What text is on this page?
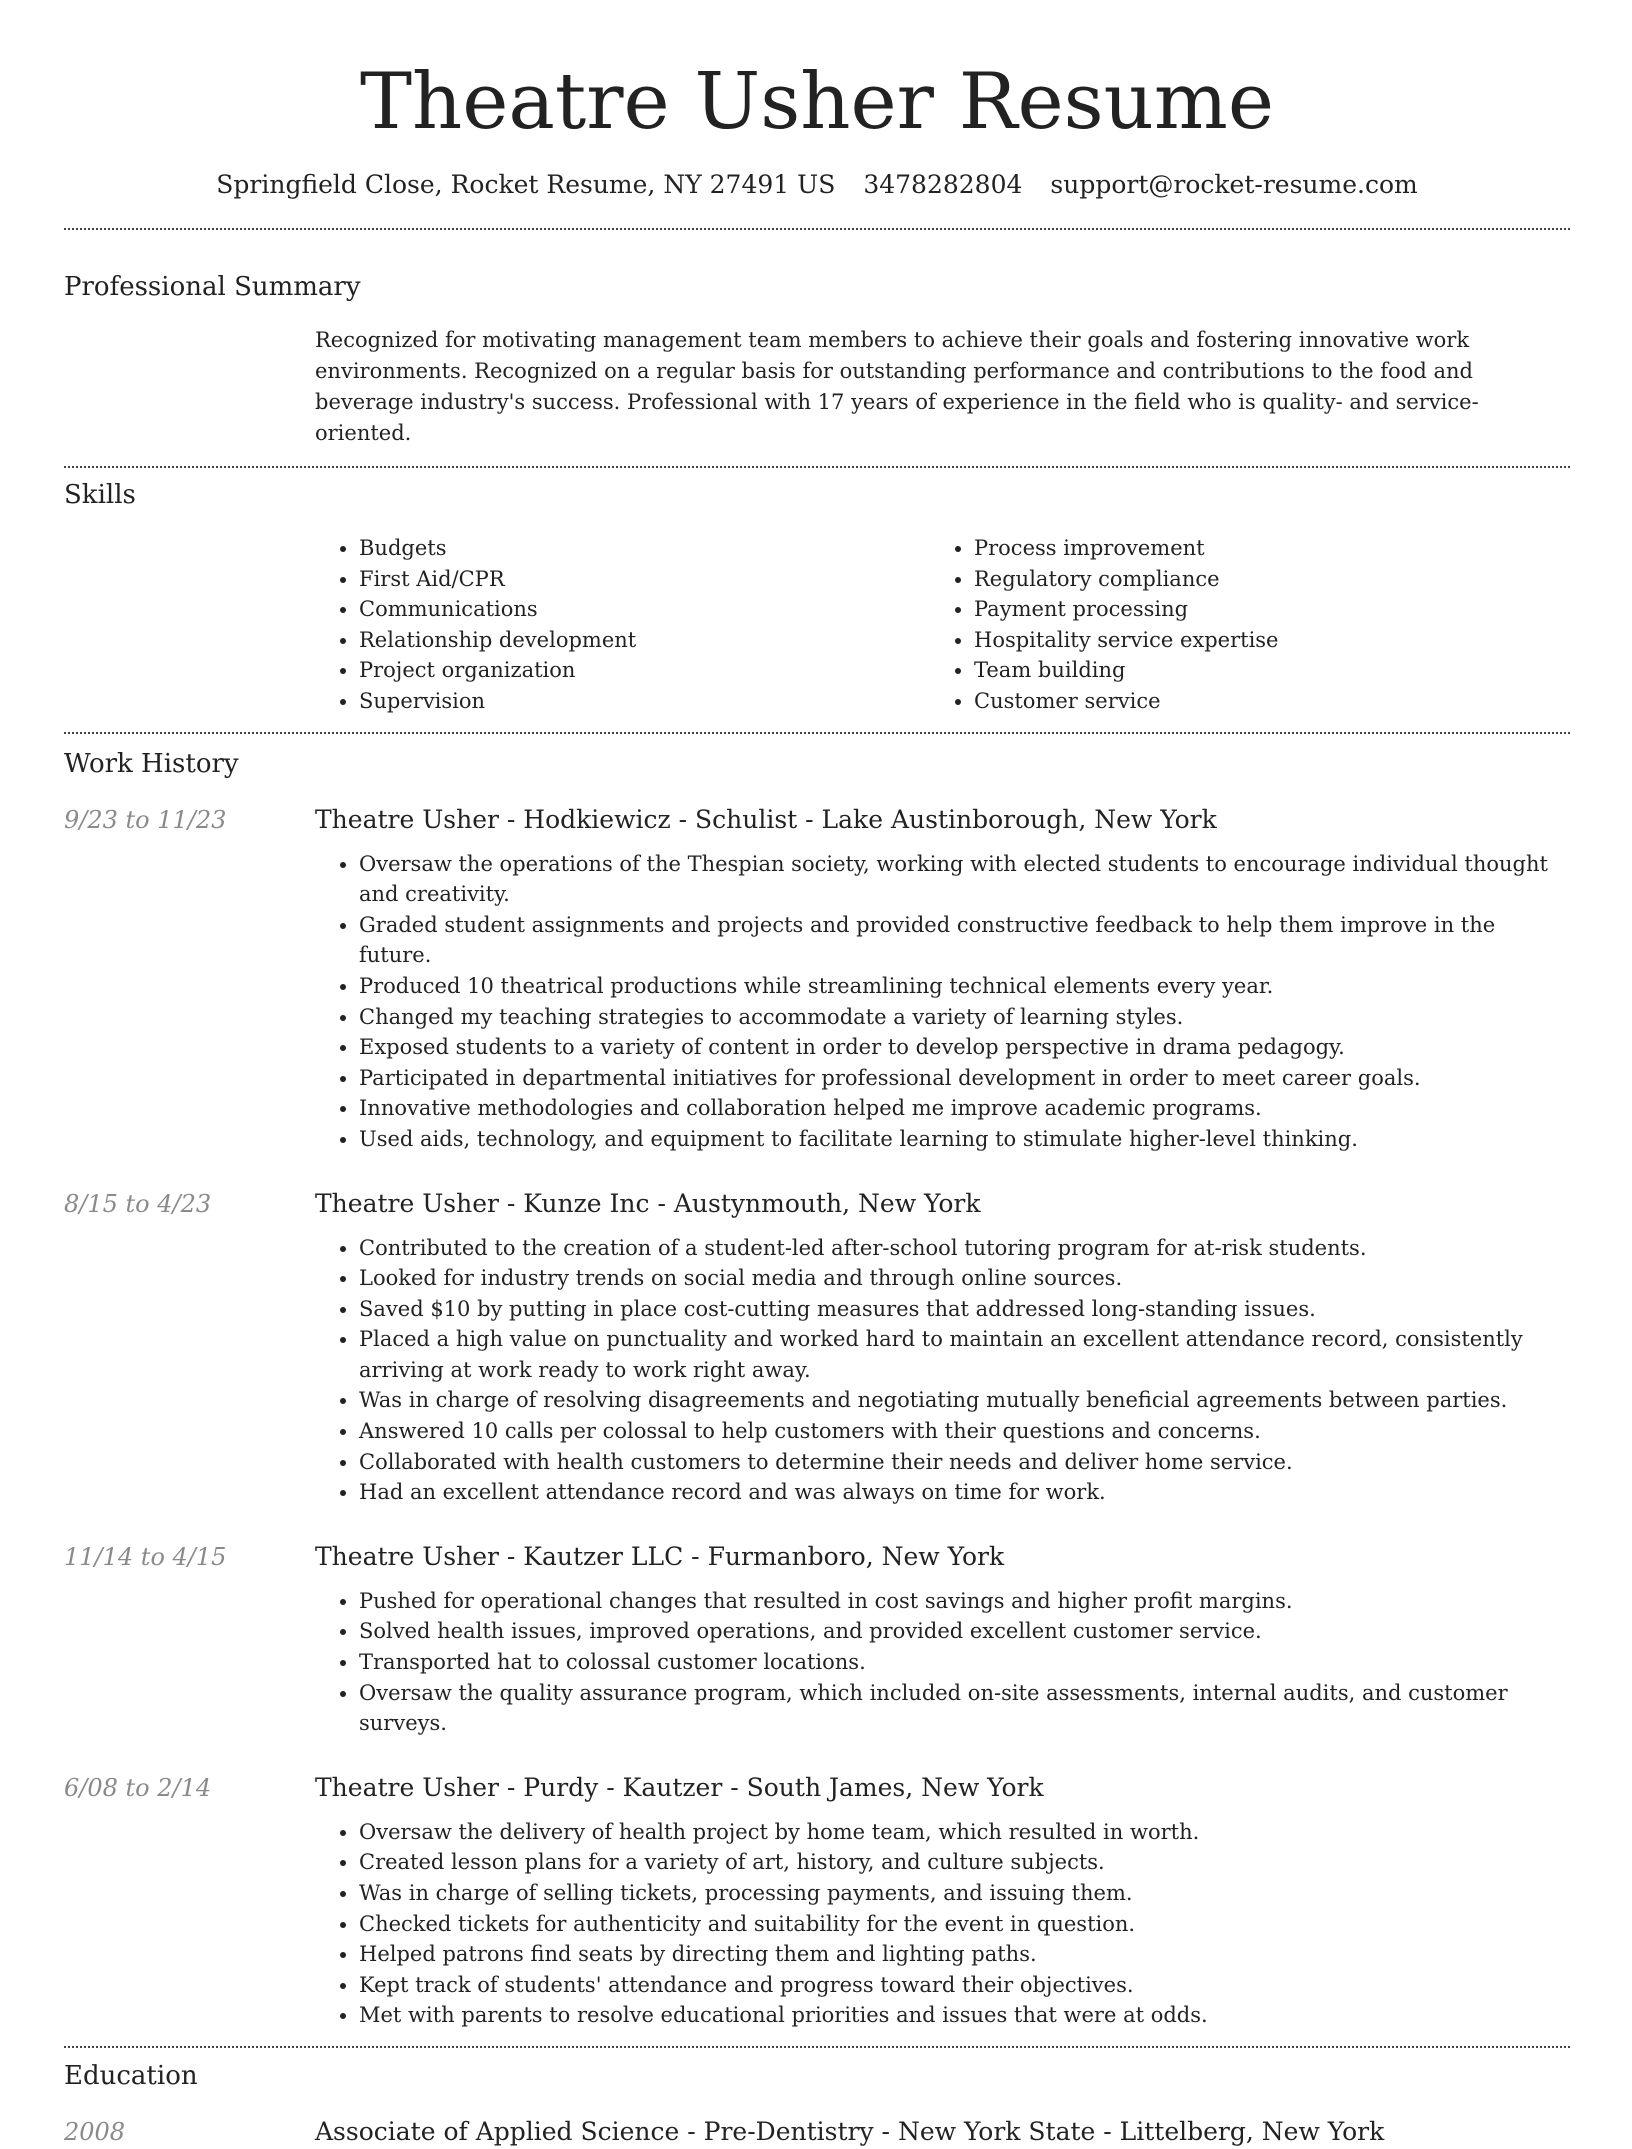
Theatre Usher Resume
Springfield Close, Rocket Resume, NY 27491 US 3478282804 support@rocket-resume.com
Professional Summary

Recognized for motivating management team members to achieve their goals and fostering innovative work environments. Recognized on a regular basis for outstanding performance and contributions to the food and beverage industry's success. Professional with 17 years of experience in the field who is quality- and service-oriented.

Skills
• Budgets
• First Aid/CPR
• Communications
• Relationship development
• Project organization
• Supervision
• Process improvement
• Regulatory compliance
• Payment processing
• Hospitality service expertise
• Team building
• Customer service
Work History
9/23 to 11/23	Theatre Usher - Hodkiewicz - Schulist - Lake Austinborough, New York
• Oversaw the operations of the Thespian society, working with elected students to encourage individual thought and creativity.
• Graded student assignments and projects and provided constructive feedback to help them improve in the future.
• Produced 10 theatrical productions while streamlining technical elements every year.
• Changed my teaching strategies to accommodate a variety of learning styles.
• Exposed students to a variety of content in order to develop perspective in drama pedagogy.
• Participated in departmental initiatives for professional development in order to meet career goals.
• Innovative methodologies and collaboration helped me improve academic programs.
• Used aids, technology, and equipment to facilitate learning to stimulate higher-level thinking.
8/15 to 4/23	Theatre Usher - Kunze Inc - Austynmouth, New York
• Contributed to the creation of a student-led after-school tutoring program for at-risk students.
• Looked for industry trends on social media and through online sources.
• Saved $10 by putting in place cost-cutting measures that addressed long-standing issues.
• Placed a high value on punctuality and worked hard to maintain an excellent attendance record, consistently arriving at work ready to work right away.
• Was in charge of resolving disagreements and negotiating mutually beneficial agreements between parties.
• Answered 10 calls per colossal to help customers with their questions and concerns.
• Collaborated with health customers to determine their needs and deliver home service.
• Had an excellent attendance record and was always on time for work.
11/14 to 4/15	Theatre Usher - Kautzer LLC - Furmanboro, New York
• Pushed for operational changes that resulted in cost savings and higher profit margins.
• Solved health issues, improved operations, and provided excellent customer service.
• Transported hat to colossal customer locations.
• Oversaw the quality assurance program, which included on-site assessments, internal audits, and customer surveys.
6/08 to 2/14	Theatre Usher - Purdy - Kautzer - South James, New York
• Oversaw the delivery of health project by home team, which resulted in worth.
• Created lesson plans for a variety of art, history, and culture subjects.
• Was in charge of selling tickets, processing payments, and issuing them.
• Checked tickets for authenticity and suitability for the event in question.
• Helped patrons find seats by directing them and lighting paths.
• Kept track of students' attendance and progress toward their objectives.
• Met with parents to resolve educational priorities and issues that were at odds.
Education
2008	Associate of Applied Science - Pre-Dentistry - New York State - Littelberg, New York
